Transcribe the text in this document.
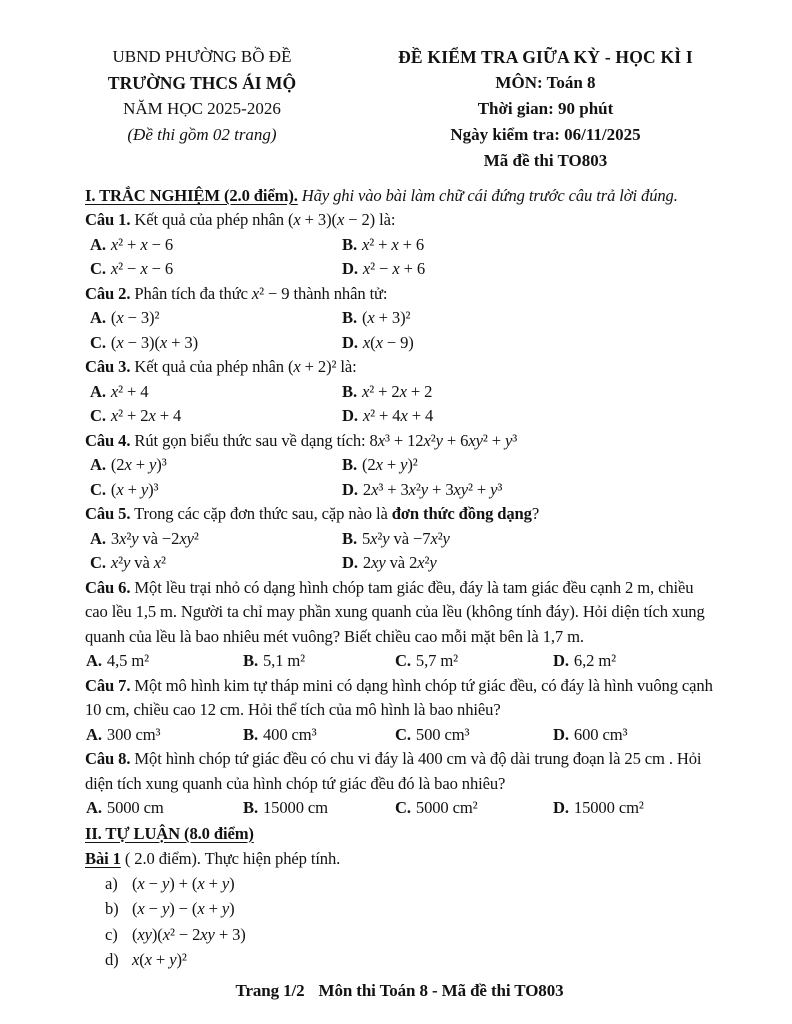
UBND PHƯỜNG BỒ ĐỀ
TRƯỜNG THCS ÁI MỘ
NĂM HỌC 2025-2026
(Đề thi gồm 02 trang)
ĐỀ KIỂM TRA GIỮA KỲ - HỌC KÌ I
MÔN: Toán 8
Thời gian: 90 phút
Ngày kiểm tra: 06/11/2025
Mã đề thi TO803

I. TRẮC NGHIỆM (2.0 điểm). Hãy ghi vào bài làm chữ cái đứng trước câu trả lời đúng.

Câu 1. Kết quả của phép nhân (x + 3)(x − 2) là:

A. x² + x − 6	B. x² + x + 6
C. x² − x − 6	D. x² − x + 6

Câu 2. Phân tích đa thức x² − 9 thành nhân tử:

A. (x − 3)²	B. (x + 3)²
C. (x − 3)(x + 3)	D. x(x − 9)

Câu 3. Kết quả của phép nhân (x + 2)² là:

A. x² + 4	B. x² + 2x + 2
C. x² + 2x + 4	D. x² + 4x + 4

Câu 4. Rút gọn biểu thức sau về dạng tích: 8x³ + 12x²y + 6xy² + y³

A. (2x + y)³	B. (2x + y)²
C. (x + y)³	D. 2x³ + 3x²y + 3xy² + y³

Câu 5. Trong các cặp đơn thức sau, cặp nào là đơn thức đồng dạng?

A. 3x²y và −2xy²	B. 5x²y và −7x²y
C. x²y và x²	D. 2xy và 2x²y

Câu 6. Một lều trại nhỏ có dạng hình chóp tam giác đều, đáy là tam giác đều cạnh 2 m, chiều cao lều 1,5 m. Người ta chỉ may phần xung quanh của lều (không tính đáy). Hỏi diện tích xung quanh của lều là bao nhiêu mét vuông? Biết chiều cao mỗi mặt bên là 1,7 m.

A. 4,5 m²	B. 5,1 m²	C. 5,7 m²	D. 6,2 m²

Câu 7. Một mô hình kim tự tháp mini có dạng hình chóp tứ giác đều, có đáy là hình vuông cạnh 10 cm, chiều cao 12 cm. Hỏi thể tích của mô hình là bao nhiêu?

A. 300 cm³	B. 400 cm³	C. 500 cm³	D. 600 cm³

Câu 8. Một hình chóp tứ giác đều có chu vi đáy là 400 cm và độ dài trung đoạn là 25 cm . Hỏi diện tích xung quanh của hình chóp tứ giác đều đó là bao nhiêu?

A. 5000 cm	B. 15000 cm	C. 5000 cm²	D. 15000 cm²

II. TỰ LUẬN (8.0 điểm)

Bài 1 ( 2.0 điểm). Thực hiện phép tính.

a) (x − y) + (x + y)

b) (x − y) − (x + y)

c) (xy)(x² − 2xy + 3)

d) x(x + y)²

Trang 1/2 Môn thi Toán 8 - Mã đề thi TO803
